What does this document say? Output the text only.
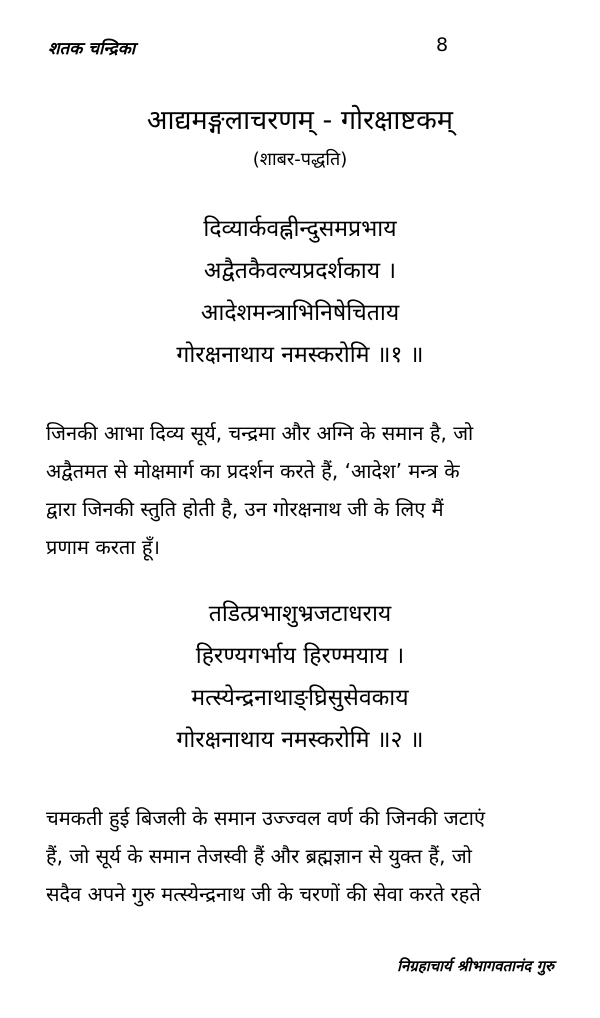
शतक चन्द्रिका	8
आद्यमङ्गलाचरणम् - गोरक्षाष्टकम्
(शाबर-पद्धति)
दिव्यार्कवह्नीन्दुसमप्रभाय
अद्वैतकैवल्यप्रदर्शकाय ।
आदेशमन्त्राभिनिषेचिताय
गोरक्षनाथाय नमस्करोमि ॥१ ॥
जिनकी आभा दिव्य सूर्य, चन्द्रमा और अग्नि के समान है, जो
अद्वैतमत से मोक्षमार्ग का प्रदर्शन करते हैं, ‘आदेश’ मन्त्र के
द्वारा जिनकी स्तुति होती है, उन गोरक्षनाथ जी के लिए मैं
प्रणाम करता हूँ।
तडित्प्रभाशुभ्रजटाधराय
हिरण्यगर्भाय हिरण्मयाय ।
मत्स्येन्द्रनाथाङ्घ्रिसुसेवकाय
गोरक्षनाथाय नमस्करोमि ॥२ ॥
चमकती हुई बिजली के समान उज्ज्वल वर्ण की जिनकी जटाएं
हैं, जो सूर्य के समान तेजस्वी हैं और ब्रह्मज्ञान से युक्त हैं, जो
सदैव अपने गुरु मत्स्येन्द्रनाथ जी के चरणों की सेवा करते रहते
निग्रहाचार्य श्रीभागवतानंद गुरु
